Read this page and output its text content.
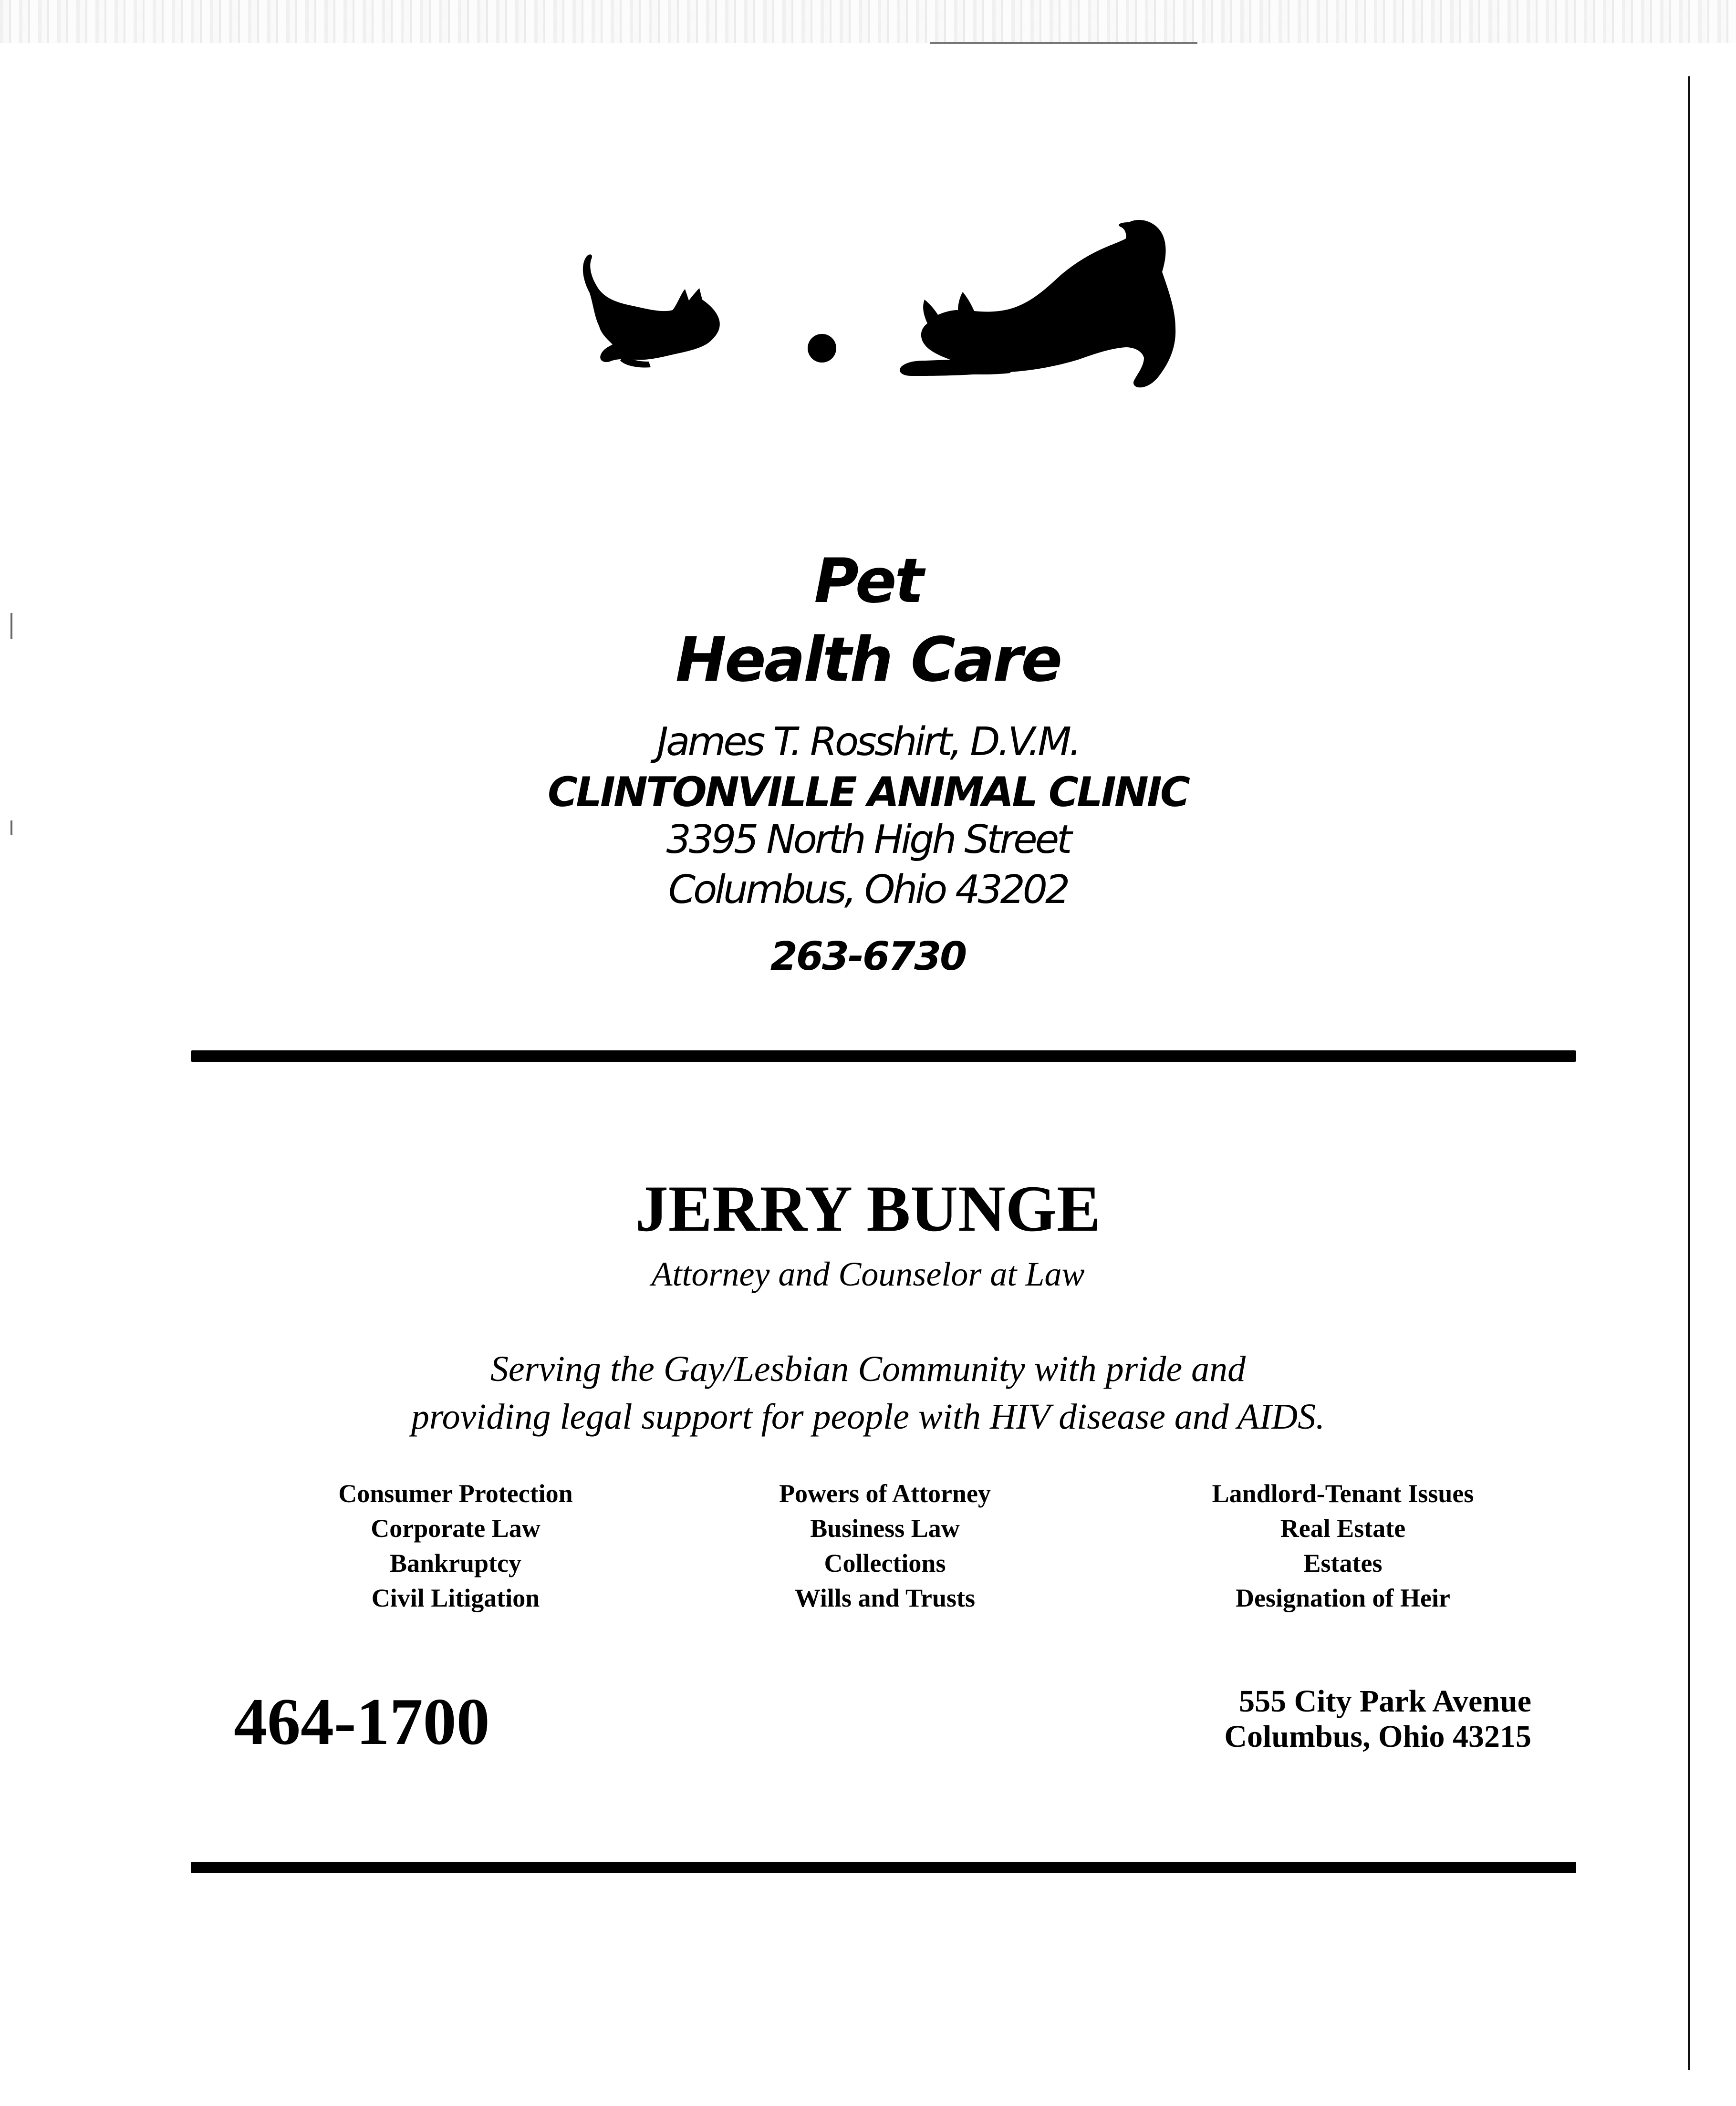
Pet
Health Care
James T. Rosshirt, D.V.M.
CLINTONVILLE ANIMAL CLINIC
3395 North High Street
Columbus, Ohio 43202
263-6730
JERRY BUNGE
Attorney and Counselor at Law
Serving the Gay/Lesbian Community with pride and
providing legal support for people with HIV disease and AIDS.
Consumer Protection
Corporate Law
Bankruptcy
Civil Litigation
Powers of Attorney
Business Law
Collections
Wills and Trusts
Landlord-Tenant Issues
Real Estate
Estates
Designation of Heir
464-1700	555 City Park Avenue
Columbus, Ohio 43215
